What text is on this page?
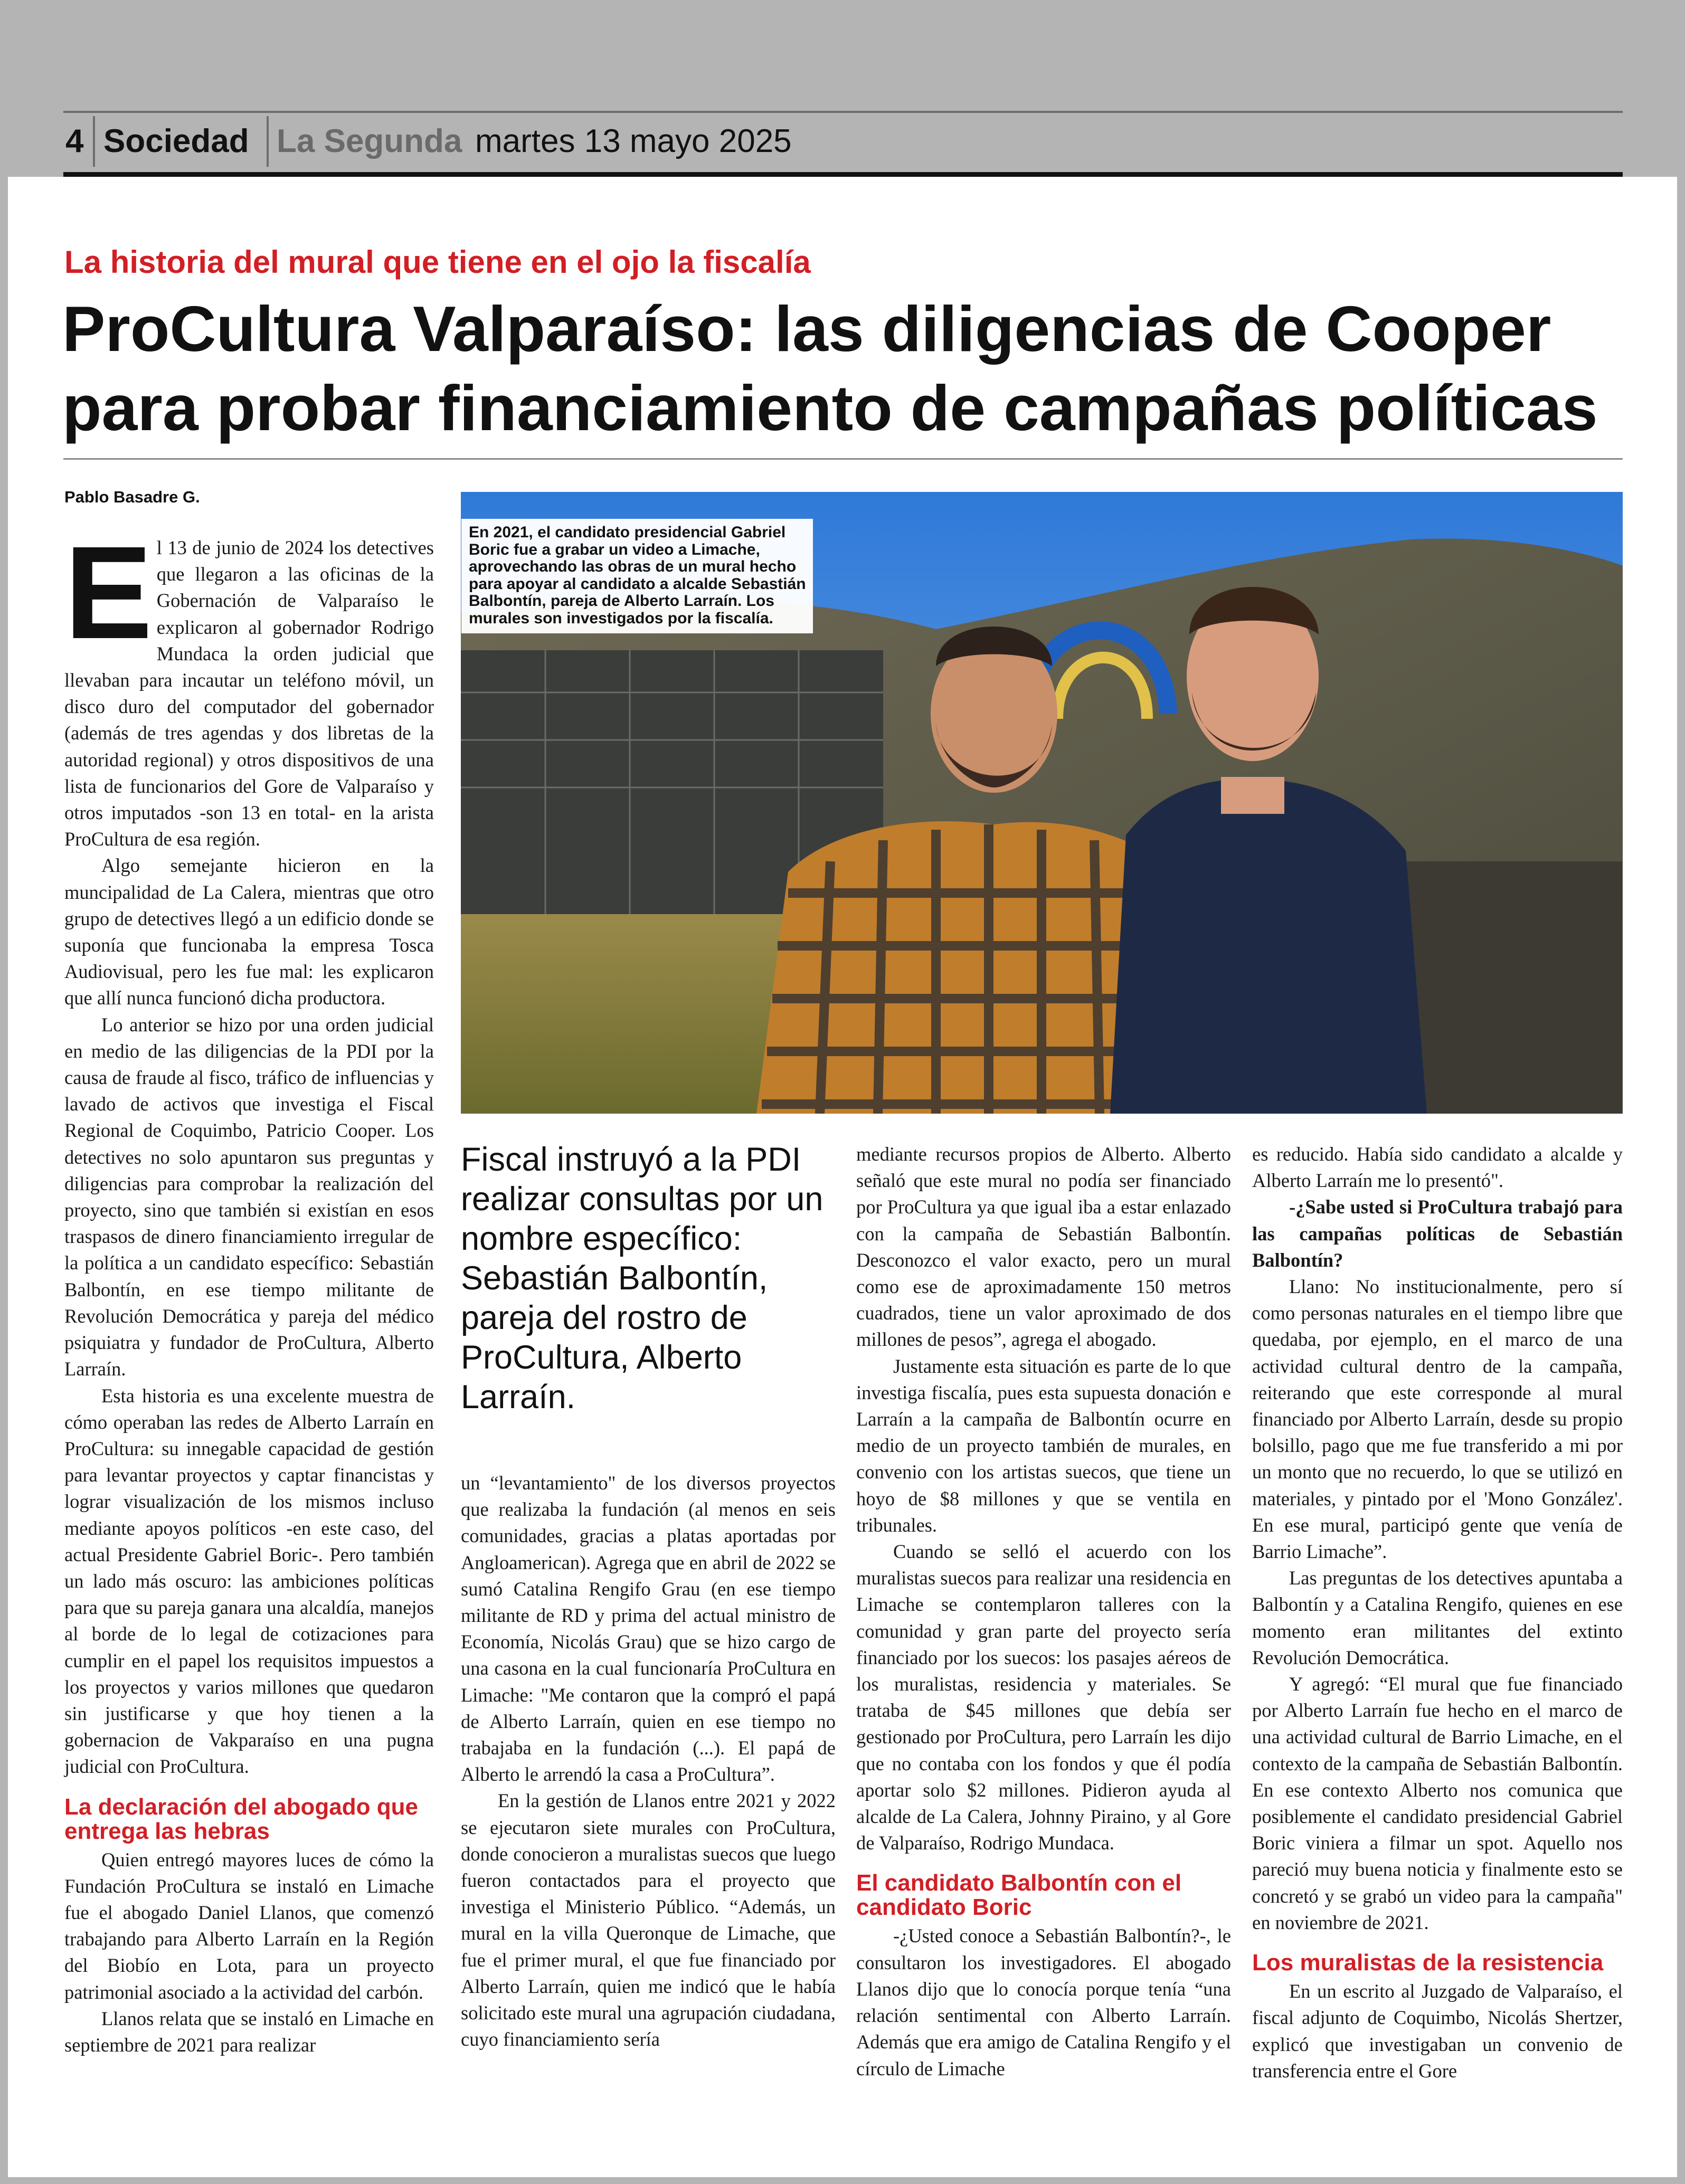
4 Sociedad La Segunda martes 13 mayo 2025
La historia del mural que tiene en el ojo la fiscalía
ProCultura Valparaíso: las diligencias de Cooper para probar financiamiento de campañas políticas
Pablo Basadre G.
En 2021, el candidato presidencial Gabriel Boric fue a grabar un video a Limache, aprovechando las obras de un mural hecho para apoyar al candidato a alcalde Sebastián Balbontín, pareja de Alberto Larraín. Los murales son investigados por la fiscalía.

El 13 de junio de 2024 los detectives que llegaron a las oficinas de la Gobernación de Valparaíso le explicaron al gobernador Rodrigo Mundaca la orden judicial que llevaban para incautar un teléfono móvil, un disco duro del computador del gobernador (además de tres agendas y dos libretas de la autoridad regional) y otros dispositivos de una lista de funcionarios del Gore de Valparaíso y otros imputados -son 13 en total- en la arista ProCultura de esa región.

Algo semejante hicieron en la muncipalidad de La Calera, mientras que otro grupo de detectives llegó a un edificio donde se suponía que funcionaba la empresa Tosca Audiovisual, pero les fue mal: les explicaron que allí nunca funcionó dicha productora.

Lo anterior se hizo por una orden judicial en medio de las diligencias de la PDI por la causa de fraude al fisco, tráfico de influencias y lavado de activos que investiga el Fiscal Regional de Coquimbo, Patricio Cooper. Los detectives no solo apuntaron sus preguntas y diligencias para comprobar la realización del proyecto, sino que también si existían en esos traspasos de dinero financiamiento irregular de la política a un candidato específico: Sebastián Balbontín, en ese tiempo militante de Revolución Democrática y pareja del médico psiquiatra y fundador de ProCultura, Alberto Larraín.

Esta historia es una excelente muestra de cómo operaban las redes de Alberto Larraín en ProCultura: su innegable capacidad de gestión para levantar proyectos y captar financistas y lograr visualización de los mismos incluso mediante apoyos políticos -en este caso, del actual Presidente Gabriel Boric-. Pero también un lado más oscuro: las ambiciones políticas para que su pareja ganara una alcaldía, manejos al borde de lo legal de cotizaciones para cumplir en el papel los requisitos impuestos a los proyectos y varios millones que quedaron sin justificarse y que hoy tienen a la gobernacion de Vakparaíso en una pugna judicial con ProCultura.

La declaración del abogado que entrega las hebras

Quien entregó mayores luces de cómo la Fundación ProCultura se instaló en Limache fue el abogado Daniel Llanos, que comenzó trabajando para Alberto Larraín en la Región del Biobío en Lota, para un proyecto patrimonial asociado a la actividad del carbón.

Llanos relata que se instaló en Limache en septiembre de 2021 para realizar

Fiscal instruyó a la PDI realizar consultas por un nombre específico: Sebastián Balbontín, pareja del rostro de ProCultura, Alberto Larraín.

un “levantamiento" de los diversos proyectos que realizaba la fundación (al menos en seis comunidades, gracias a platas aportadas por Angloamerican). Agrega que en abril de 2022 se sumó Catalina Rengifo Grau (en ese tiempo militante de RD y prima del actual ministro de Economía, Nicolás Grau) que se hizo cargo de una casona en la cual funcionaría ProCultura en Limache: "Me contaron que la compró el papá de Alberto Larraín, quien en ese tiempo no trabajaba en la fundación (...). El papá de Alberto le arrendó la casa a ProCultura”.

En la gestión de Llanos entre 2021 y 2022 se ejecutaron siete murales con ProCultura, donde conocieron a muralistas suecos que luego fueron contactados para el proyecto que investiga el Ministerio Público. “Además, un mural en la villa Queronque de Limache, que fue el primer mural, el que fue financiado por Alberto Larraín, quien me indicó que le había solicitado este mural una agrupación ciudadana, cuyo financiamiento sería

mediante recursos propios de Alberto. Alberto señaló que este mural no podía ser financiado por ProCultura ya que igual iba a estar enlazado con la campaña de Sebastián Balbontín. Desconozco el valor exacto, pero un mural como ese de aproximadamente 150 metros cuadrados, tiene un valor aproximado de dos millones de pesos”, agrega el abogado.

Justamente esta situación es parte de lo que investiga fiscalía, pues esta supuesta donación e Larraín a la campaña de Balbontín ocurre en medio de un proyecto también de murales, en convenio con los artistas suecos, que tiene un hoyo de $8 millones y que se ventila en tribunales.

Cuando se selló el acuerdo con los muralistas suecos para realizar una residencia en Limache se contemplaron talleres con la comunidad y gran parte del proyecto sería financiado por los suecos: los pasajes aéreos de los muralistas, residencia y materiales. Se trataba de $45 millones que debía ser gestionado por ProCultura, pero Larraín les dijo que no contaba con los fondos y que él podía aportar solo $2 millones. Pidieron ayuda al alcalde de La Calera, Johnny Piraino, y al Gore de Valparaíso, Rodrigo Mundaca.

El candidato Balbontín con el candidato Boric

-¿Usted conoce a Sebastián Balbontín?-, le consultaron los investigadores. El abogado Llanos dijo que lo conocía porque tenía “una relación sentimental con Alberto Larraín. Además que era amigo de Catalina Rengifo y el círculo de Limache

es reducido. Había sido candidato a alcalde y Alberto Larraín me lo presentó".

-¿Sabe usted si ProCultura trabajó para las campañas políticas de Sebastián Balbontín?

Llano: No institucionalmente, pero sí como personas naturales en el tiempo libre que quedaba, por ejemplo, en el marco de una actividad cultural dentro de la campaña, reiterando que este corresponde al mural financiado por Alberto Larraín, desde su propio bolsillo, pago que me fue transferido a mi por un monto que no recuerdo, lo que se utilizó en materiales, y pintado por el 'Mono González'. En ese mural, participó gente que venía de Barrio Limache”.

Las preguntas de los detectives apuntaba a Balbontín y a Catalina Rengifo, quienes en ese momento eran militantes del extinto Revolución Democrática.

Y agregó: “El mural que fue financiado por Alberto Larraín fue hecho en el marco de una actividad cultural de Barrio Limache, en el contexto de la campaña de Sebastián Balbontín. En ese contexto Alberto nos comunica que posiblemente el candidato presidencial Gabriel Boric viniera a filmar un spot. Aquello nos pareció muy buena noticia y finalmente esto se concretó y se grabó un video para la campaña" en noviembre de 2021.

Los muralistas de la resistencia

En un escrito al Juzgado de Valparaíso, el fiscal adjunto de Coquimbo, Nicolás Shertzer, explicó que investigaban un convenio de transferencia entre el Gore
